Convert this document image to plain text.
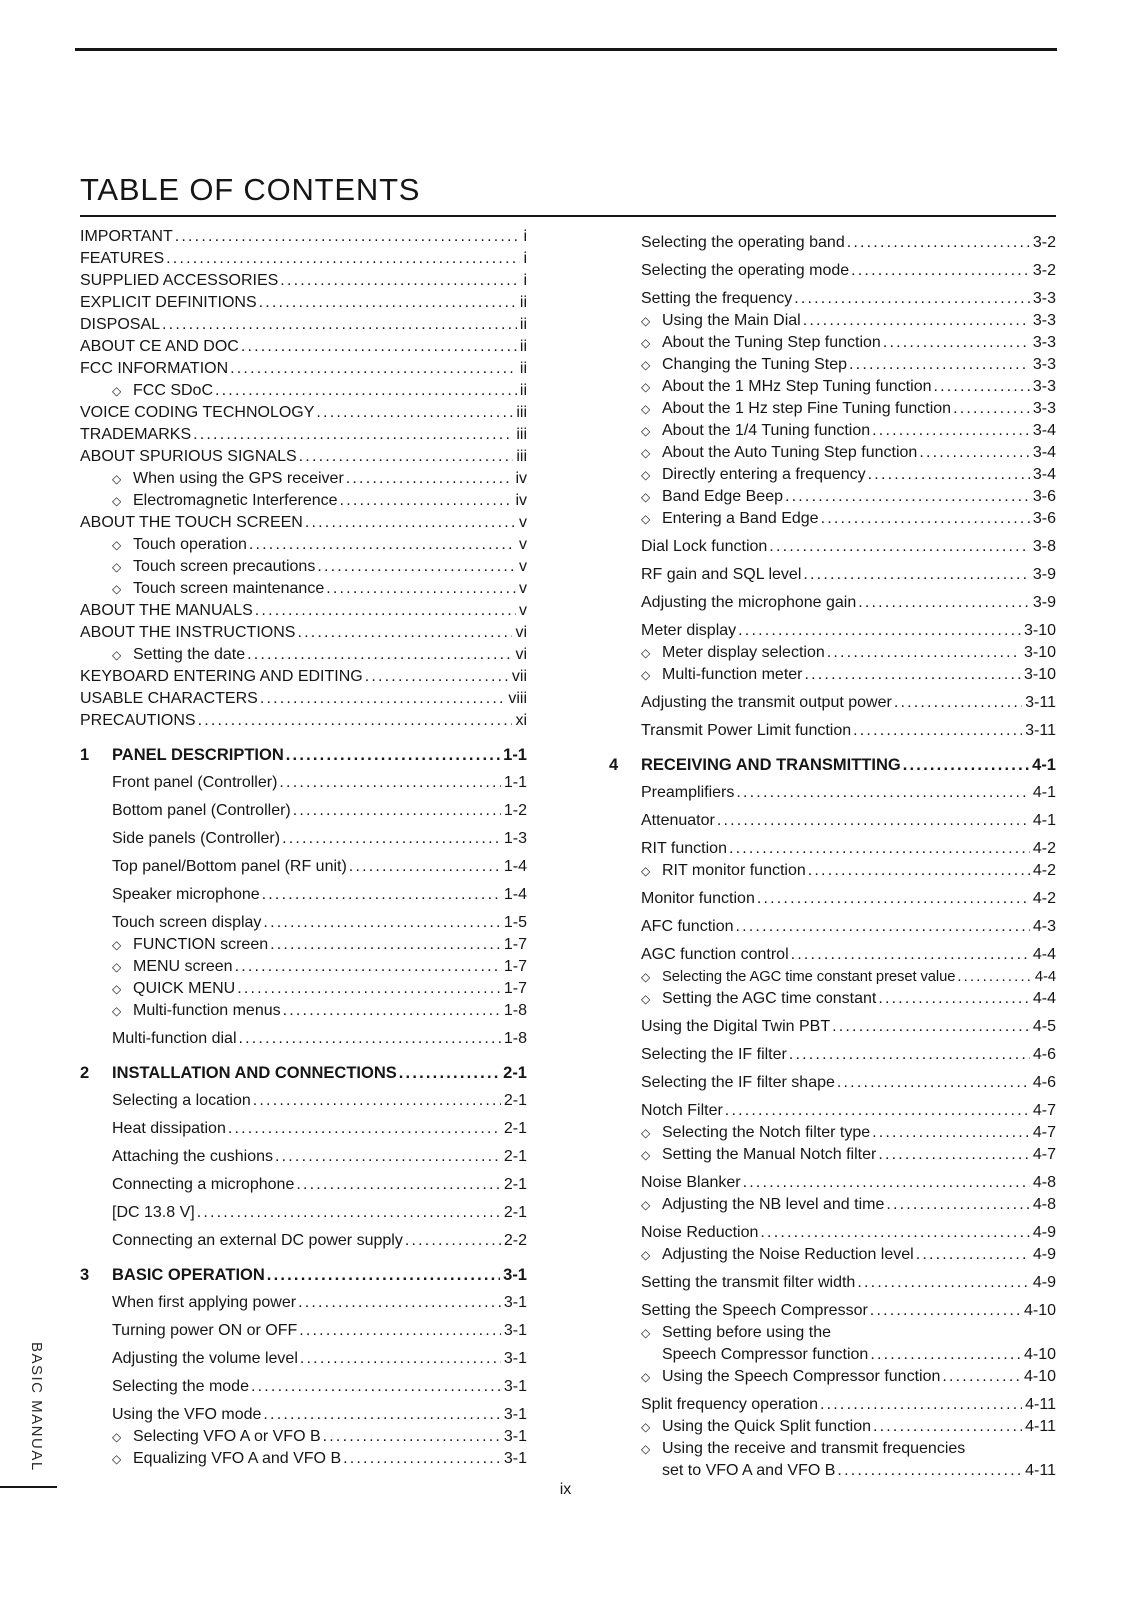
TABLE OF CONTENTS
IMPORTANT .....	i
FEATURES .....	i
SUPPLIED ACCESSORIES .....	i
EXPLICIT DEFINITIONS .....	ii
DISPOSAL .....	ii
ABOUT CE AND DOC .....	ii
FCC INFORMATION .....	ii
◇ FCC SDoC .....	ii
VOICE CODING TECHNOLOGY .....	iii
TRADEMARKS .....	iii
ABOUT SPURIOUS SIGNALS .....	iii
◇ When using the GPS receiver .....	iv
◇ Electromagnetic Interference .....	iv
ABOUT THE TOUCH SCREEN .....	v
◇ Touch operation .....	v
◇ Touch screen precautions .....	v
◇ Touch screen maintenance .....	v
ABOUT THE MANUALS .....	v
ABOUT THE INSTRUCTIONS .....	vi
◇ Setting the date .....	vi
KEYBOARD ENTERING AND EDITING .....	vii
USABLE CHARACTERS .....	viii
PRECAUTIONS .....	xi
1	PANEL DESCRIPTION .....	1-1
Front panel (Controller) .....	1-1
Bottom panel (Controller) .....	1-2
Side panels (Controller) .....	1-3
Top panel/Bottom panel (RF unit) .....	1-4
Speaker microphone .....	1-4
Touch screen display .....	1-5
◇ FUNCTION screen .....	1-7
◇ MENU screen .....	1-7
◇ QUICK MENU .....	1-7
◇ Multi-function menus .....	1-8
Multi-function dial .....	1-8
2	INSTALLATION AND CONNECTIONS .....	2-1
Selecting a location .....	2-1
Heat dissipation .....	2-1
Attaching the cushions .....	2-1
Connecting a microphone .....	2-1
[DC 13.8 V] .....	2-1
Connecting an external DC power supply .....	2-2
3	BASIC OPERATION .....	3-1
When first applying power .....	3-1
Turning power ON or OFF .....	3-1
Adjusting the volume level .....	3-1
Selecting the mode .....	3-1
Using the VFO mode .....	3-1
◇ Selecting VFO A or VFO B .....	3-1
◇ Equalizing VFO A and VFO B .....	3-1
Selecting the operating band .....	3-2
Selecting the operating mode .....	3-2
Setting the frequency .....	3-3
◇ Using the Main Dial .....	3-3
◇ About the Tuning Step function .....	3-3
◇ Changing the Tuning Step .....	3-3
◇ About the 1 MHz Step Tuning function .....	3-3
◇ About the 1 Hz step Fine Tuning function .....	3-3
◇ About the 1/4 Tuning function .....	3-4
◇ About the Auto Tuning Step function .....	3-4
◇ Directly entering a frequency .....	3-4
◇ Band Edge Beep .....	3-6
◇ Entering a Band Edge .....	3-6
Dial Lock function .....	3-8
RF gain and SQL level .....	3-9
Adjusting the microphone gain .....	3-9
Meter display .....	3-10
◇ Meter display selection .....	3-10
◇ Multi-function meter .....	3-10
Adjusting the transmit output power .....	3-11
Transmit Power Limit function .....	3-11
4	RECEIVING AND TRANSMITTING .....	4-1
Preamplifiers .....	4-1
Attenuator .....	4-1
RIT function .....	4-2
◇ RIT monitor function .....	4-2
Monitor function .....	4-2
AFC function .....	4-3
AGC function control .....	4-4
◇ Selecting the AGC time constant preset value .....	4-4
◇ Setting the AGC time constant .....	4-4
Using the Digital Twin PBT .....	4-5
Selecting the IF filter .....	4-6
Selecting the IF filter shape .....	4-6
Notch Filter .....	4-7
◇ Selecting the Notch filter type .....	4-7
◇ Setting the Manual Notch filter .....	4-7
Noise Blanker .....	4-8
◇ Adjusting the NB level and time .....	4-8
Noise Reduction .....	4-9
◇ Adjusting the Noise Reduction level .....	4-9
Setting the transmit filter width .....	4-9
Setting the Speech Compressor .....	4-10
◇ Setting before using the
Speech Compressor function .....	4-10
◇ Using the Speech Compressor function .....	4-10
Split frequency operation .....	4-11
◇ Using the Quick Split function .....	4-11
◇ Using the receive and transmit frequencies
set to VFO A and VFO B .....	4-11
BASIC MANUAL
ix
